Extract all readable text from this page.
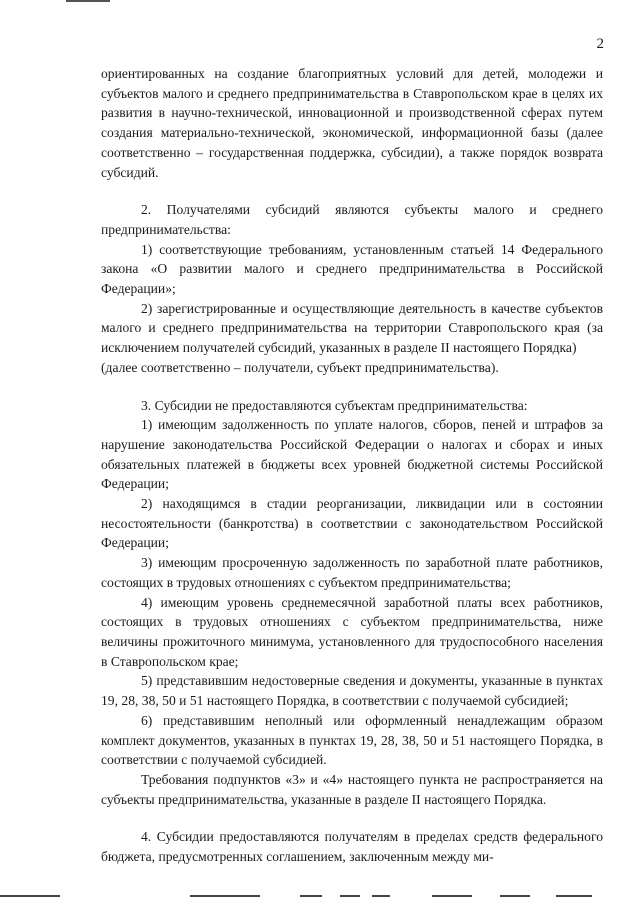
2

ориентированных на создание благоприятных условий для детей, молодежи и субъектов малого и среднего предпринимательства в Ставропольском крае в целях их развития в научно-технической, инновационной и производственной сферах путем создания материально-технической, экономической, информационной базы (далее соответственно – государственная поддержка, субсидии), а также порядок возврата субсидий.

2. Получателями субсидий являются субъекты малого и среднего предпринимательства:

1) соответствующие требованиям, установленным статьей 14 Федерального закона «О развитии малого и среднего предпринимательства в Российской Федерации»;

2) зарегистрированные и осуществляющие деятельность в качестве субъектов малого и среднего предпринимательства на территории Ставропольского края (за исключением получателей субсидий, указанных в разделе II настоящего Порядка)

(далее соответственно – получатели, субъект предпринимательства).

3. Субсидии не предоставляются субъектам предпринимательства:

1) имеющим задолженность по уплате налогов, сборов, пеней и штрафов за нарушение законодательства Российской Федерации о налогах и сборах и иных обязательных платежей в бюджеты всех уровней бюджетной системы Российской Федерации;

2) находящимся в стадии реорганизации, ликвидации или в состоянии несостоятельности (банкротства) в соответствии с законодательством Российской Федерации;

3) имеющим просроченную задолженность по заработной плате работников, состоящих в трудовых отношениях с субъектом предпринимательства;

4) имеющим уровень среднемесячной заработной платы всех работников, состоящих в трудовых отношениях с субъектом предпринимательства, ниже величины прожиточного минимума, установленного для трудоспособного населения в Ставропольском крае;

5) представившим недостоверные сведения и документы, указанные в пунктах 19, 28, 38, 50 и 51 настоящего Порядка, в соответствии с получаемой субсидией;

6) представившим неполный или оформленный ненадлежащим образом комплект документов, указанных в пунктах 19, 28, 38, 50 и 51 настоящего Порядка, в соответствии с получаемой субсидией.

Требования подпунктов «3» и «4» настоящего пункта не распространяется на субъекты предпринимательства, указанные в разделе II настоящего Порядка.

4. Субсидии предоставляются получателям в пределах средств федерального бюджета, предусмотренных соглашением, заключенным между ми-
